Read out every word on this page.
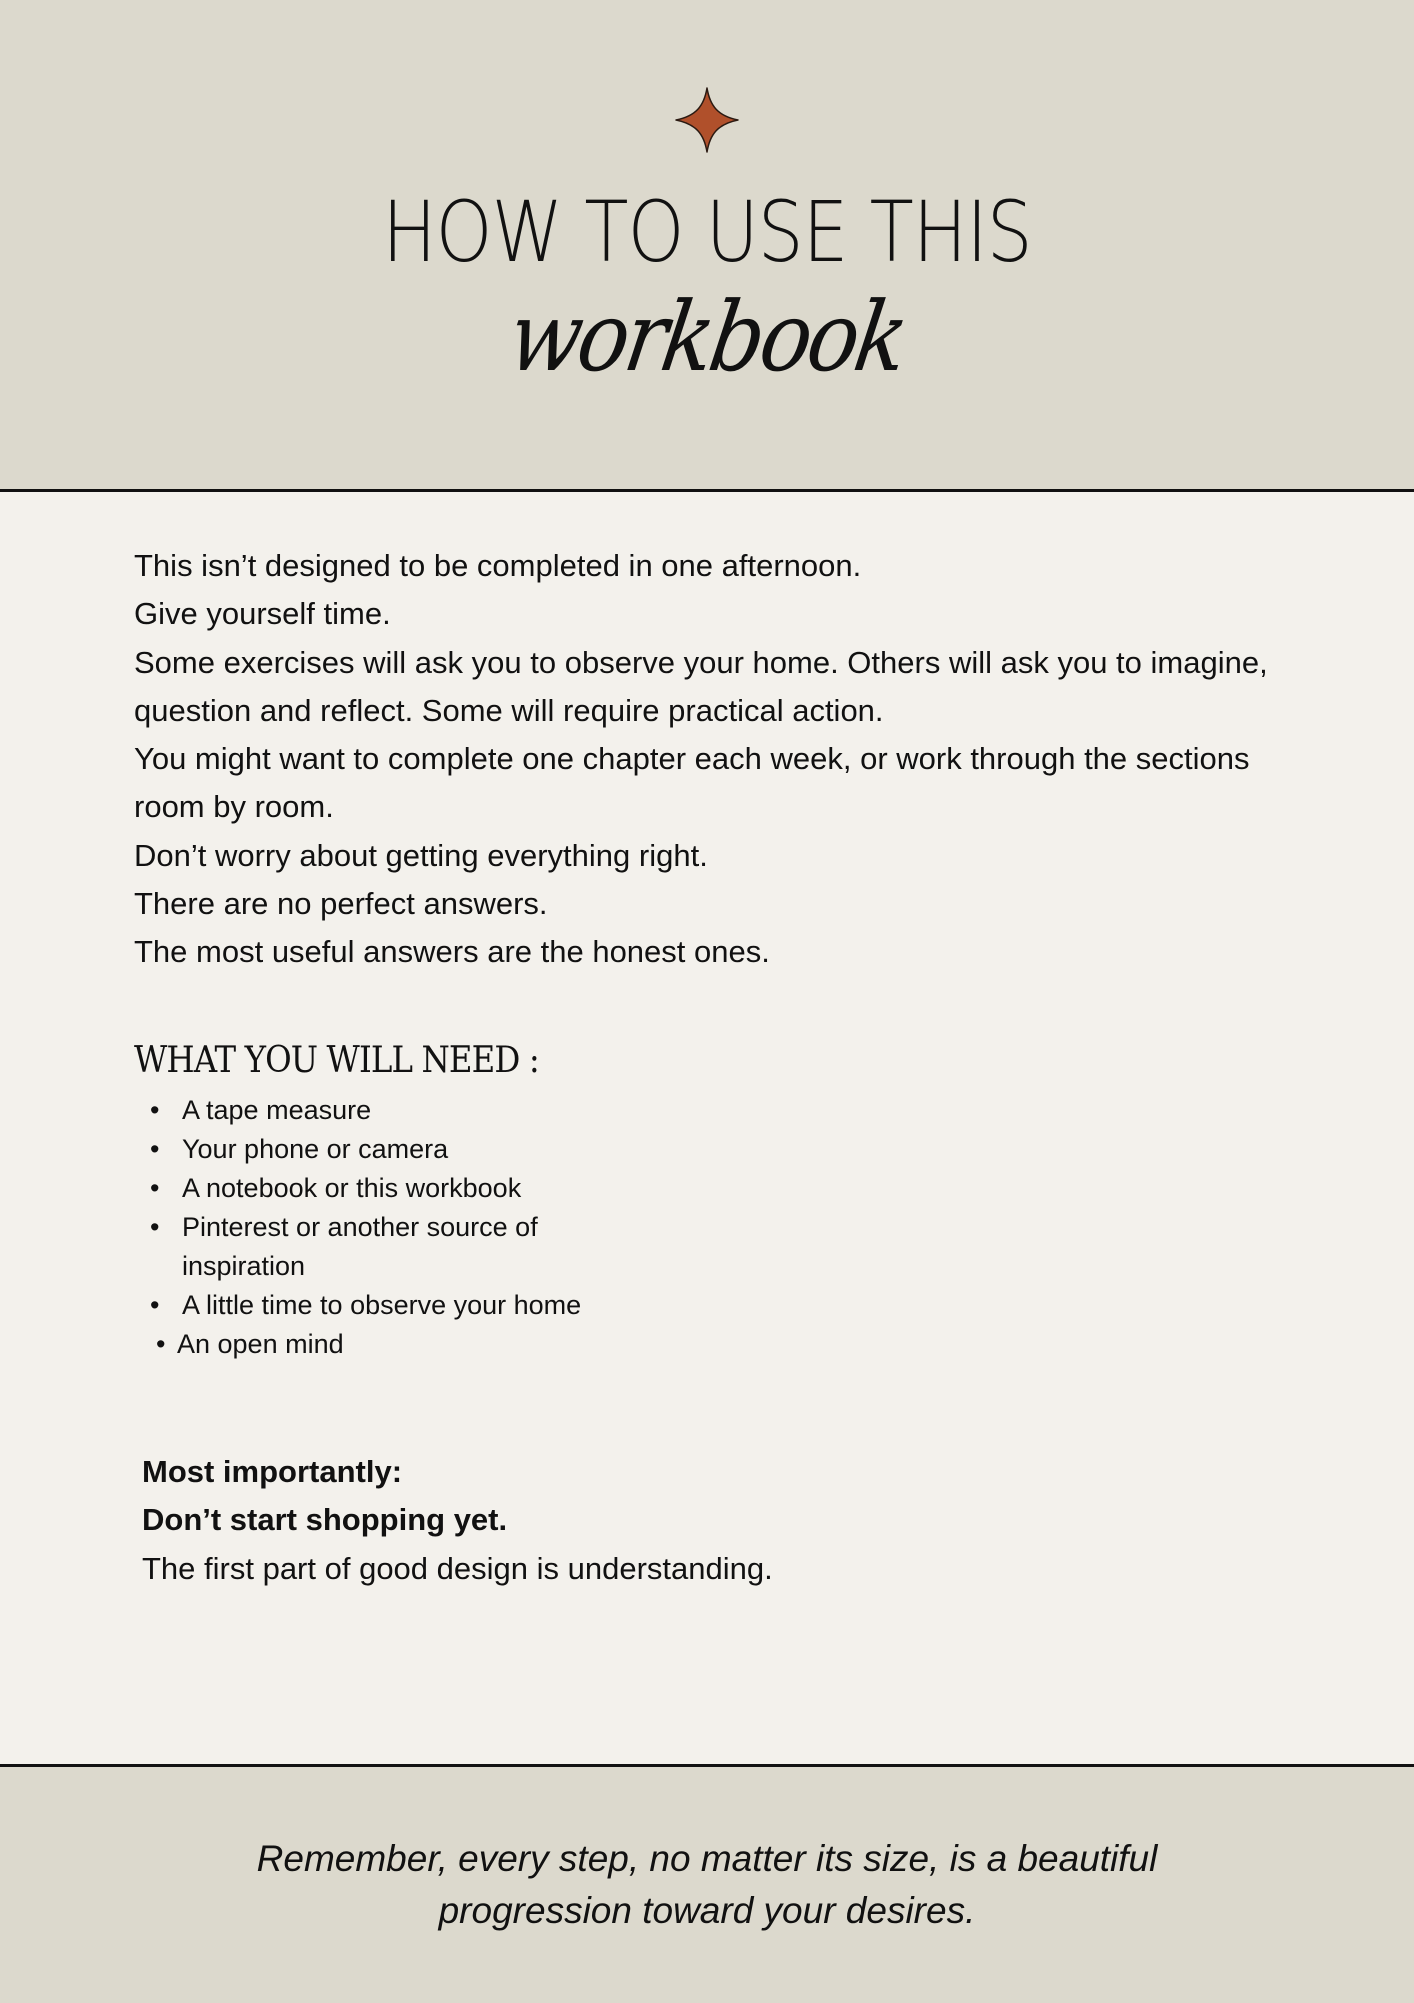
HOW TO USE THIS
workbook

This isn’t designed to be completed in one afternoon.

Give yourself time.

Some exercises will ask you to observe your home. Others will ask you to imagine, question and reflect. Some will require practical action.

You might want to complete one chapter each week, or work through the sections room by room.

Don’t worry about getting everything right.

There are no perfect answers.

The most useful answers are the honest ones.

WHAT YOU WILL NEED :
• A tape measure
• Your phone or camera
• A notebook or this workbook
• Pinterest or another source of inspiration
• A little time to observe your home
• An open mind

Most importantly:

Don’t start shopping yet.

The first part of good design is understanding.

Remember, every step, no matter its size, is a beautiful
progression toward your desires.
